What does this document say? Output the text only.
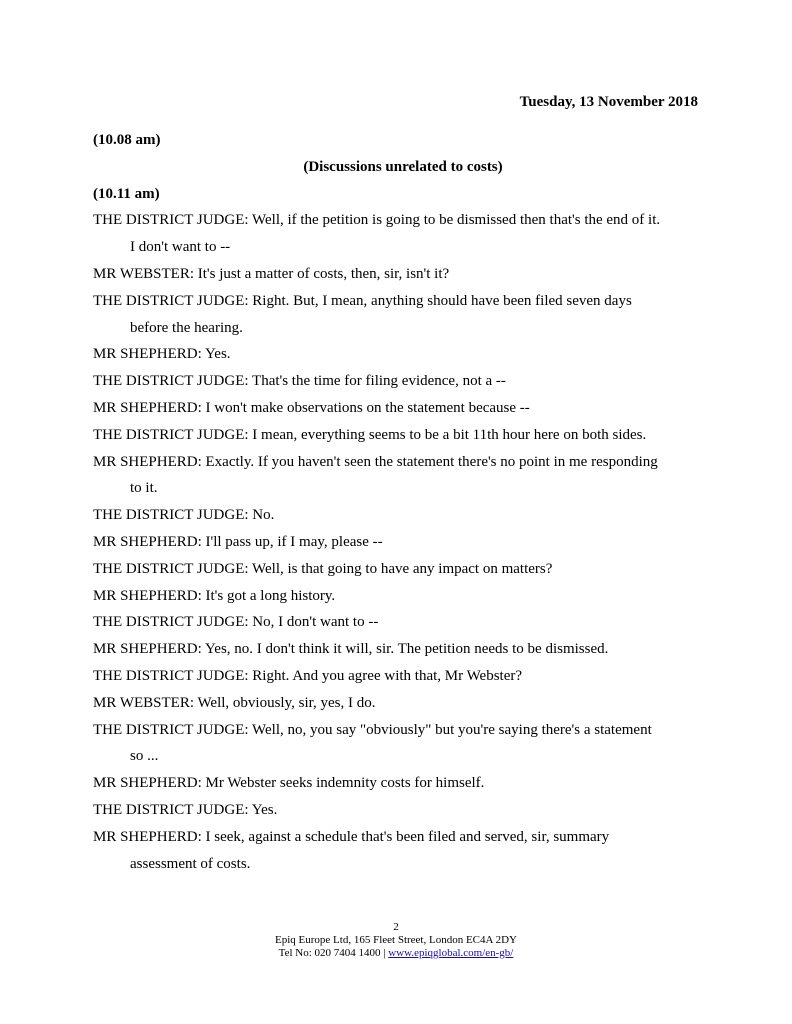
Tuesday, 13 November 2018
(10.08 am)
(Discussions unrelated to costs)
(10.11 am)
THE DISTRICT JUDGE: Well, if the petition is going to be dismissed then that's the end of it.
I don't want to --
MR WEBSTER: It's just a matter of costs, then, sir, isn't it?
THE DISTRICT JUDGE: Right. But, I mean, anything should have been filed seven days
before the hearing.
MR SHEPHERD: Yes.
THE DISTRICT JUDGE: That's the time for filing evidence, not a --
MR SHEPHERD: I won't make observations on the statement because --
THE DISTRICT JUDGE: I mean, everything seems to be a bit 11th hour here on both sides.
MR SHEPHERD: Exactly. If you haven't seen the statement there's no point in me responding
to it.
THE DISTRICT JUDGE: No.
MR SHEPHERD: I'll pass up, if I may, please --
THE DISTRICT JUDGE: Well, is that going to have any impact on matters?
MR SHEPHERD: It's got a long history.
THE DISTRICT JUDGE: No, I don't want to --
MR SHEPHERD: Yes, no. I don't think it will, sir. The petition needs to be dismissed.
THE DISTRICT JUDGE: Right. And you agree with that, Mr Webster?
MR WEBSTER: Well, obviously, sir, yes, I do.
THE DISTRICT JUDGE: Well, no, you say "obviously" but you're saying there's a statement
so ...
MR SHEPHERD: Mr Webster seeks indemnity costs for himself.
THE DISTRICT JUDGE: Yes.
MR SHEPHERD: I seek, against a schedule that's been filed and served, sir, summary
assessment of costs.
2
Epiq Europe Ltd, 165 Fleet Street, London EC4A 2DY
Tel No: 020 7404 1400 | www.epiqglobal.com/en-gb/
